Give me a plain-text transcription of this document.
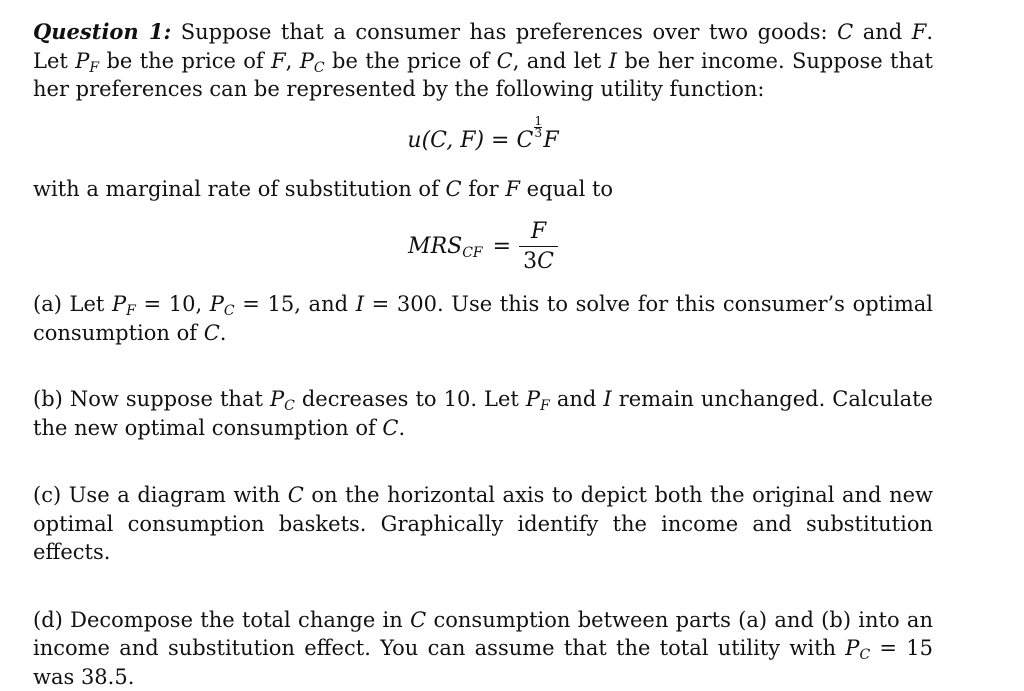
Question 1: Suppose that a consumer has preferences over two goods: C and F. Let $P_F$ be the price of F, $P_C$ be the price of C, and let I be her income. Suppose that her preferences can be represented by the following utility function:

u(C, F) = C
$\frac{1}{3}$
F

with a marginal rate of substitution of C for F equal to

$MRS_{CF} = \frac{F}{3C}$

(a) Let $P_F = 10$, $P_C = 15$, and I = 300. Use this to solve for this consumer’s optimal consumption of C.

(b) Now suppose that $P_C$ decreases to 10. Let $P_F$ and I remain unchanged. Calculate the new optimal consumption of C.

(c) Use a diagram with C on the horizontal axis to depict both the original and new optimal consumption baskets. Graphically identify the income and substitution effects.

(d) Decompose the total change in C consumption between parts (a) and (b) into an income and substitution effect. You can assume that the total utility with $P_C = 15$ was 38.5.
